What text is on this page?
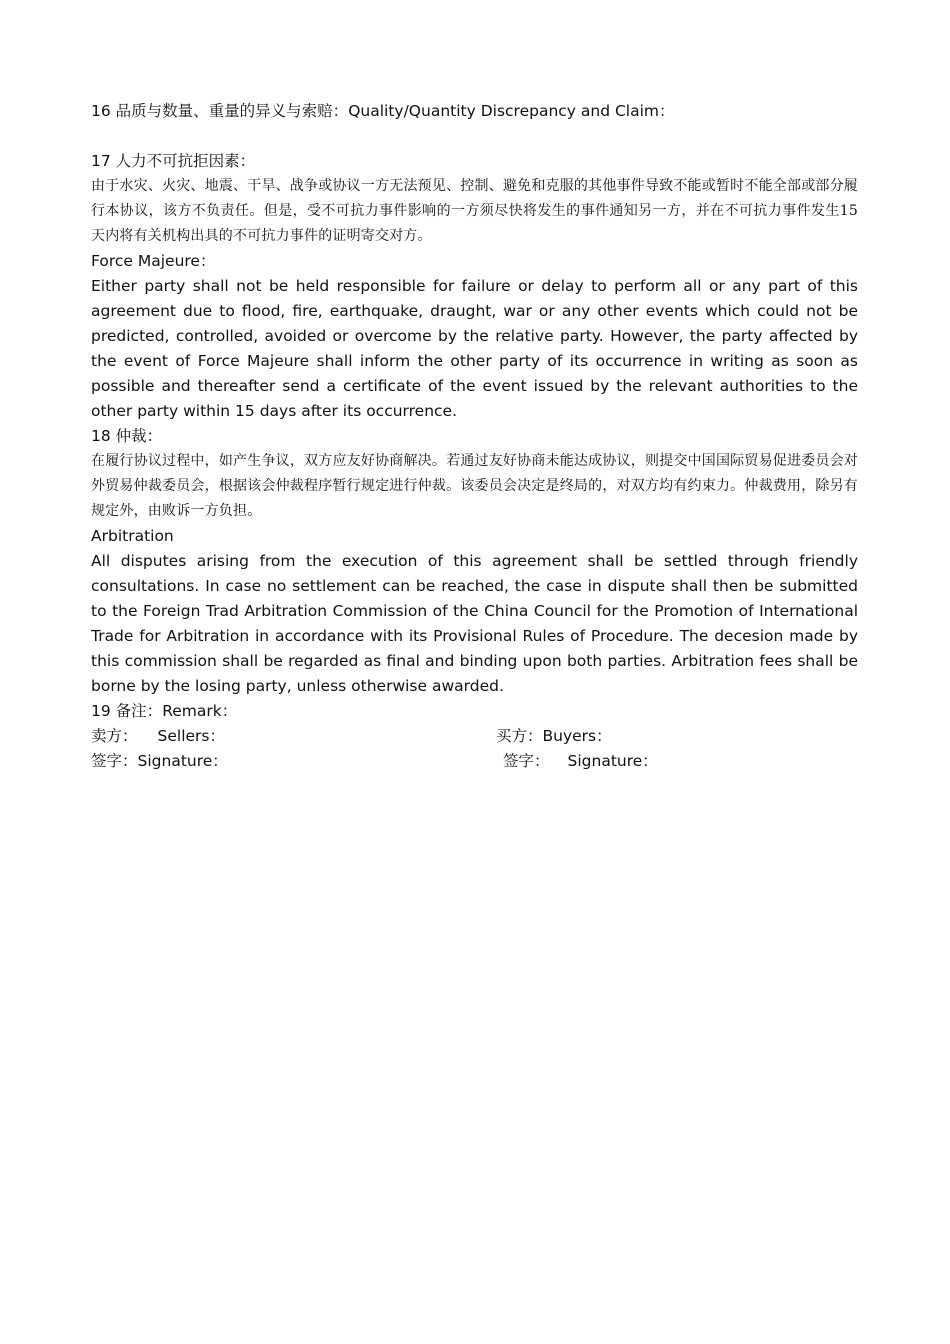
16 品质与数量、重量的异义与索赔：Quality/Quantity Discrepancy and Claim：
17 人力不可抗拒因素：
由于水灾、火灾、地震、干旱、战争或协议一方无法预见、控制、避免和克服的其他事件导致不能或暂时不能全部或部分履行本协议，该方不负责任。但是，受不可抗力事件影响的一方须尽快将发生的事件通知另一方，并在不可抗力事件发生15天内将有关机构出具的不可抗力事件的证明寄交对方。
Force Majeure：
Either party shall not be held responsible for failure or delay to perform all or any part of this agreement due to flood, fire, earthquake, draught, war or any other events which could not be predicted, controlled, avoided or overcome by the relative party. However, the party affected by the event of Force Majeure shall inform the other party of its occurrence in writing as soon as possible and thereafter send a certificate of the event issued by the relevant authorities to the other party within 15 days after its occurrence.
18 仲裁：
在履行协议过程中，如产生争议，双方应友好协商解决。若通过友好协商未能达成协议，则提交中国国际贸易促进委员会对外贸易仲裁委员会，根据该会仲裁程序暂行规定进行仲裁。该委员会决定是终局的，对双方均有约束力。仲裁费用，除另有规定外，由败诉一方负担。
Arbitration
All disputes arising from the execution of this agreement shall be settled through friendly consultations. In case no settlement can be reached, the case in dispute shall then be submitted to the Foreign Trad Arbitration Commission of the China Council for the Promotion of International Trade for Arbitration in accordance with its Provisional Rules of Procedure. The decesion made by this commission shall be regarded as final and binding upon both parties. Arbitration fees shall be borne by the losing party, unless otherwise awarded.
19 备注：Remark：
卖方： Sellers：	买方：Buyers：
签字：Signature：	签字： Signature：
